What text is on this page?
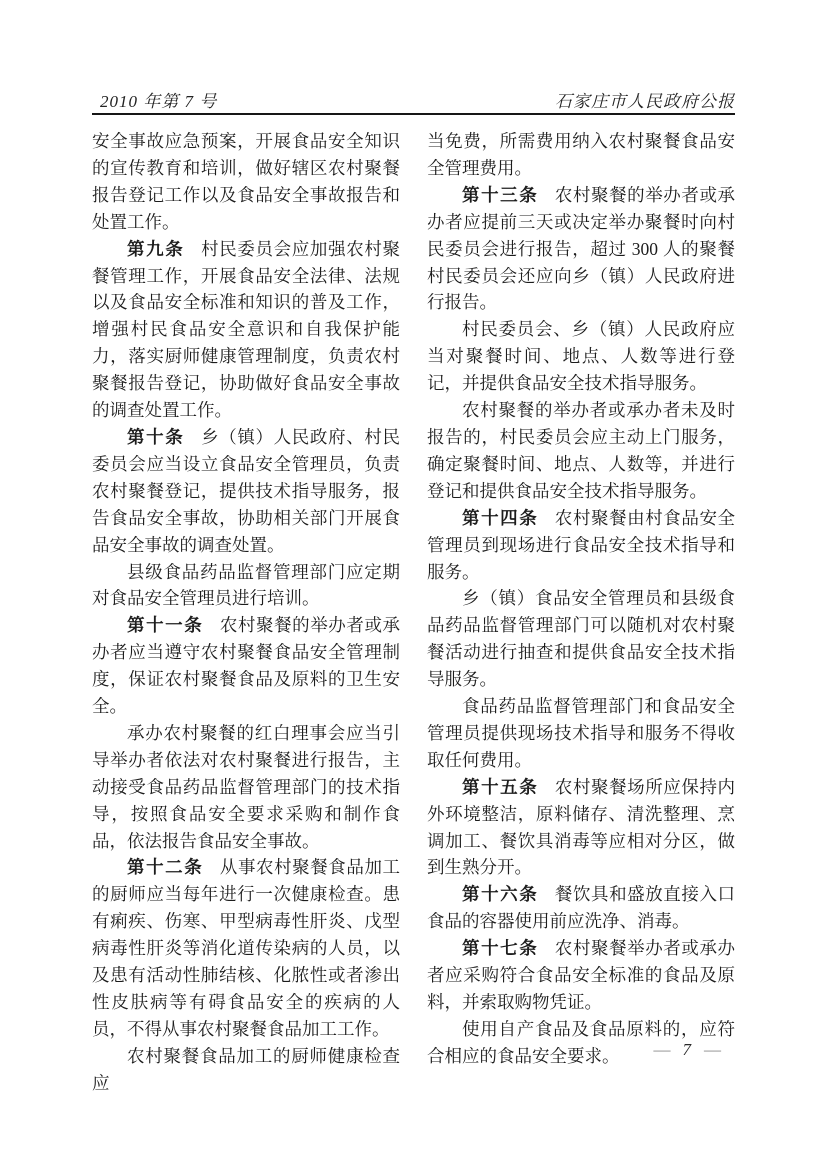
2010 年第 7 号	石家庄市人民政府公报

安全事故应急预案，开展食品安全知识的宣传教育和培训，做好辖区农村聚餐报告登记工作以及食品安全事故报告和处置工作。

第九条 村民委员会应加强农村聚餐管理工作，开展食品安全法律、法规以及食品安全标准和知识的普及工作，增强村民食品安全意识和自我保护能力，落实厨师健康管理制度，负责农村聚餐报告登记，协助做好食品安全事故的调查处置工作。

第十条 乡（镇）人民政府、村民委员会应当设立食品安全管理员，负责农村聚餐登记，提供技术指导服务，报告食品安全事故，协助相关部门开展食品安全事故的调查处置。

县级食品药品监督管理部门应定期对食品安全管理员进行培训。

第十一条 农村聚餐的举办者或承办者应当遵守农村聚餐食品安全管理制度，保证农村聚餐食品及原料的卫生安全。

承办农村聚餐的红白理事会应当引导举办者依法对农村聚餐进行报告，主动接受食品药品监督管理部门的技术指导，按照食品安全要求采购和制作食品，依法报告食品安全事故。

第十二条 从事农村聚餐食品加工的厨师应当每年进行一次健康检查。患有痢疾、伤寒、甲型病毒性肝炎、戊型病毒性肝炎等消化道传染病的人员，以及患有活动性肺结核、化脓性或者渗出性皮肤病等有碍食品安全的疾病的人员，不得从事农村聚餐食品加工工作。

农村聚餐食品加工的厨师健康检查应

当免费，所需费用纳入农村聚餐食品安全管理费用。

第十三条 农村聚餐的举办者或承办者应提前三天或决定举办聚餐时向村民委员会进行报告，超过 300 人的聚餐村民委员会还应向乡（镇）人民政府进行报告。

村民委员会、乡（镇）人民政府应当对聚餐时间、地点、人数等进行登记，并提供食品安全技术指导服务。

农村聚餐的举办者或承办者未及时报告的，村民委员会应主动上门服务，确定聚餐时间、地点、人数等，并进行登记和提供食品安全技术指导服务。

第十四条 农村聚餐由村食品安全管理员到现场进行食品安全技术指导和服务。

乡（镇）食品安全管理员和县级食品药品监督管理部门可以随机对农村聚餐活动进行抽查和提供食品安全技术指导服务。

食品药品监督管理部门和食品安全管理员提供现场技术指导和服务不得收取任何费用。

第十五条 农村聚餐场所应保持内外环境整洁，原料储存、清洗整理、烹调加工、餐饮具消毒等应相对分区，做到生熟分开。

第十六条 餐饮具和盛放直接入口食品的容器使用前应洗净、消毒。

第十七条 农村聚餐举办者或承办者应采购符合食品安全标准的食品及原料，并索取购物凭证。

使用自产食品及食品原料的，应符合相应的食品安全要求。	— 7 —
